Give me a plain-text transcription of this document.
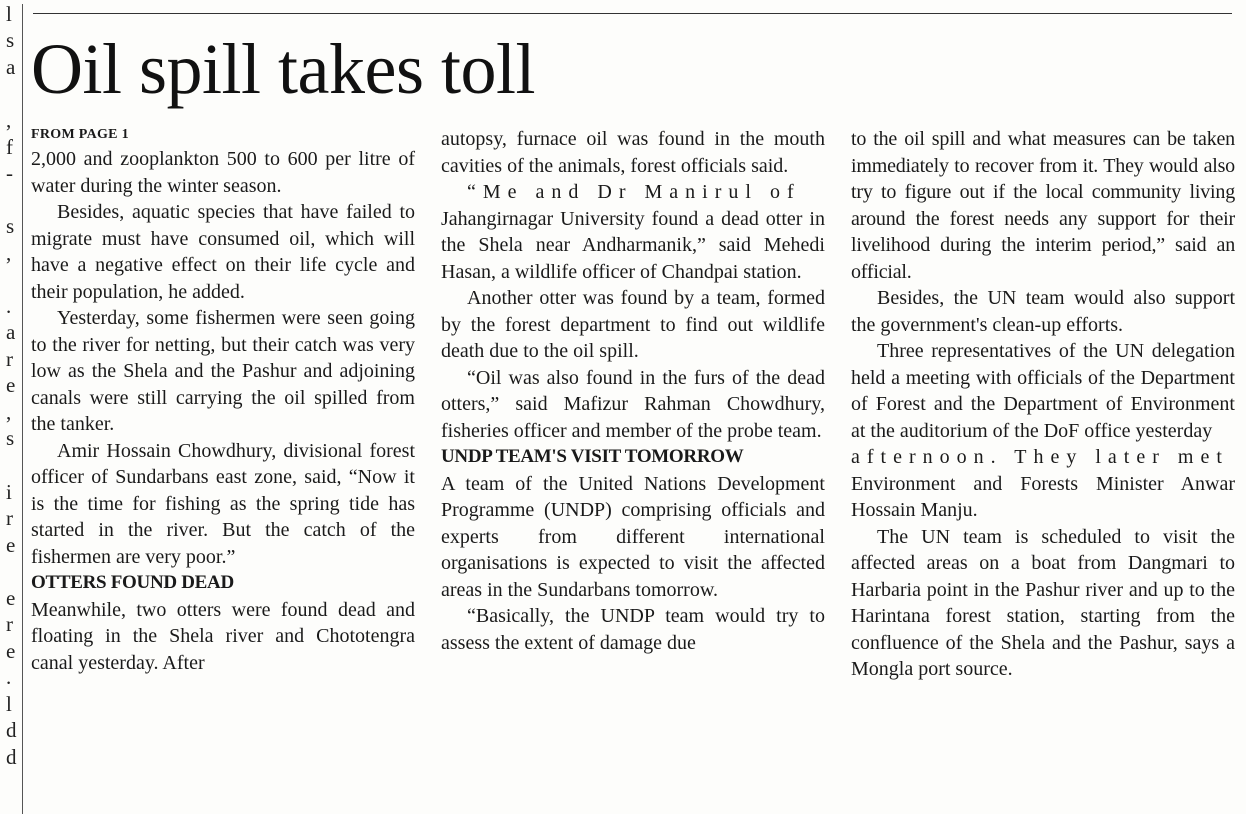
l
s
a
,
f
-
s
,
.
a
r
e
,
s
i
r
e
e
r
e
.
l
d
d
Oil spill takes toll

FROM PAGE 1

2,000 and zooplankton 500 to 600 per litre of water during the winter season.

Besides, aquatic species that have failed to migrate must have consumed oil, which will have a negative effect on their life cycle and their population, he added.

Yesterday, some fishermen were seen going to the river for netting, but their catch was very low as the Shela and the Pashur and adjoining canals were still carrying the oil spilled from the tanker.

Amir Hossain Chowdhury, divisional forest officer of Sundarbans east zone, said, “Now it is the time for fishing as the spring tide has started in the river. But the catch of the fishermen are very poor.”

OTTERS FOUND DEAD

Meanwhile, two otters were found dead and floating in the Shela river and Chototengra canal yesterday. After

autopsy, furnace oil was found in the mouth cavities of the animals, forest officials said.

“Me and Dr Manirul of

Jahangirnagar University found a dead otter in the Shela near Andharmanik,” said Mehedi Hasan, a wildlife officer of Chandpai station.

Another otter was found by a team, formed by the forest department to find out wildlife death due to the oil spill.

“Oil was also found in the furs of the dead otters,” said Mafizur Rahman Chowdhury, fisheries officer and member of the probe team.

UNDP TEAM'S VISIT TOMORROW

A team of the United Nations Development Programme (UNDP) comprising officials and experts from different international organisations is expected to visit the affected areas in the Sundarbans tomorrow.

“Basically, the UNDP team would try to assess the extent of damage due

to the oil spill and what measures can be taken immediately to recover from it. They would also try to figure out if the local community living around the forest needs any support for their livelihood during the interim period,” said an official.

Besides, the UN team would also support the government's clean-up efforts.

Three representatives of the UN delegation held a meeting with officials of the Department of Forest and the Department of Environment at the auditorium of the DoF office yesterday

afternoon. They later met

Environment and Forests Minister Anwar Hossain Manju.

The UN team is scheduled to visit the affected areas on a boat from Dangmari to Harbaria point in the Pashur river and up to the Harintana forest station, starting from the confluence of the Shela and the Pashur, says a Mongla port source.
